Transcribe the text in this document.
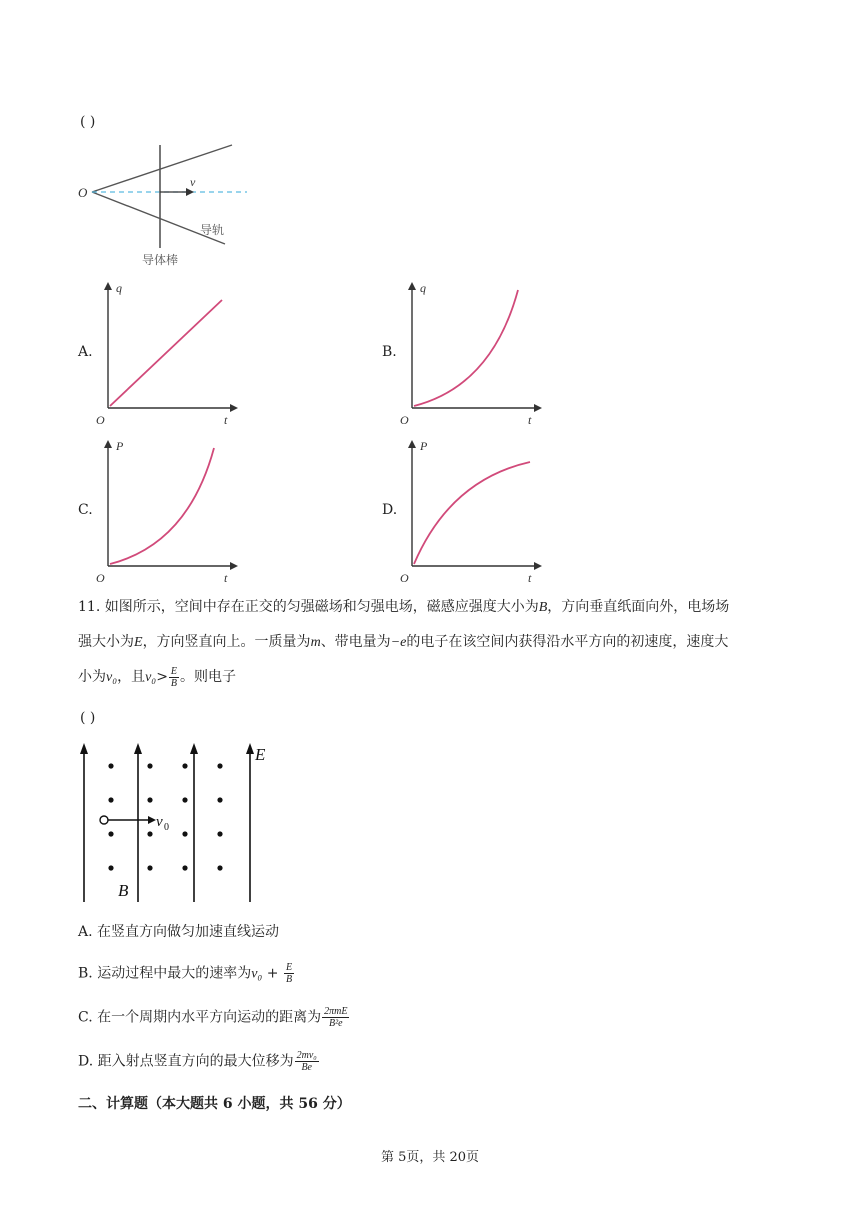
( )
O
v
导轨
导体棒
A.
q
t
O
B.
q
t
O
C.
P
t
O
D.
P
t
O
11. 如图所示，空间中存在正交的匀强磁场和匀强电场，磁感应强度大小为B，方向垂直纸面向外，电场场
强大小为E，方向竖直向上。一质量为m、带电量为−e的电子在该空间内获得沿水平方向的初速度，速度大
小为v₀，且$v_0> \frac{E}{B}$ 。则电子
( )
v 0
E
B
A. 在竖直方向做匀加速直线运动
B. 运动过程中最大的速率为$v_0 + \frac{E}{B}$
C. 在一个周期内水平方向运动的距离为 $\frac{\text{2πmE}}{\text{B²e}}$
D. 距入射点竖直方向的最大位移为 $\frac{\text{2mv₀}}{Be}$
二、计算题（本大题共 6 小题，共 56 分）
第 5页，共 20页
